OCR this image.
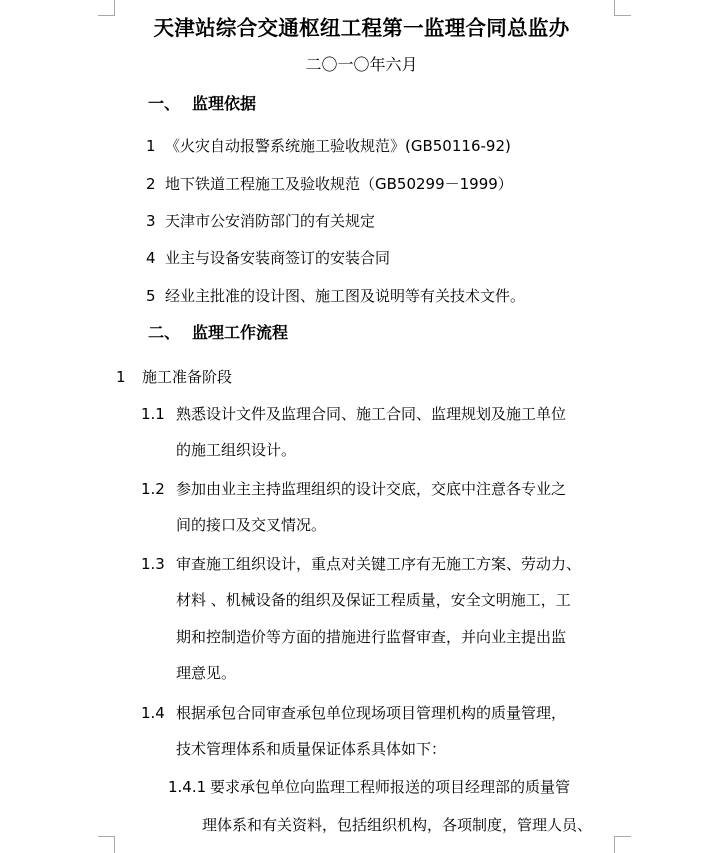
天津站综合交通枢纽工程第一监理合同总监办
二〇一〇年六月
一、 监理依据
1 《火灾自动报警系统施工验收规范》(GB50116-92)
2 地下铁道工程施工及验收规范（GB50299－1999）
3 天津市公安消防部门的有关规定
4 业主与设备安装商签订的安装合同
5 经业主批准的设计图、施工图及说明等有关技术文件。
二、 监理工作流程
1 施工准备阶段
1.1 熟悉设计文件及监理合同、施工合同、监理规划及施工单位
的施工组织设计。
1.2 参加由业主主持监理组织的设计交底，交底中注意各专业之
间的接口及交叉情况。
1.3 审查施工组织设计，重点对关键工序有无施工方案、劳动力、
材料 、机械设备的组织及保证工程质量，安全文明施工，工
期和控制造价等方面的措施进行监督审查，并向业主提出监
理意见。
1.4 根据承包合同审查承包单位现场项目管理机构的质量管理，
技术管理体系和质量保证体系具体如下：
1.4.1 要求承包单位向监理工程师报送的项目经理部的质量管
理体系和有关资料，包括组织机构，各项制度，管理人员、
